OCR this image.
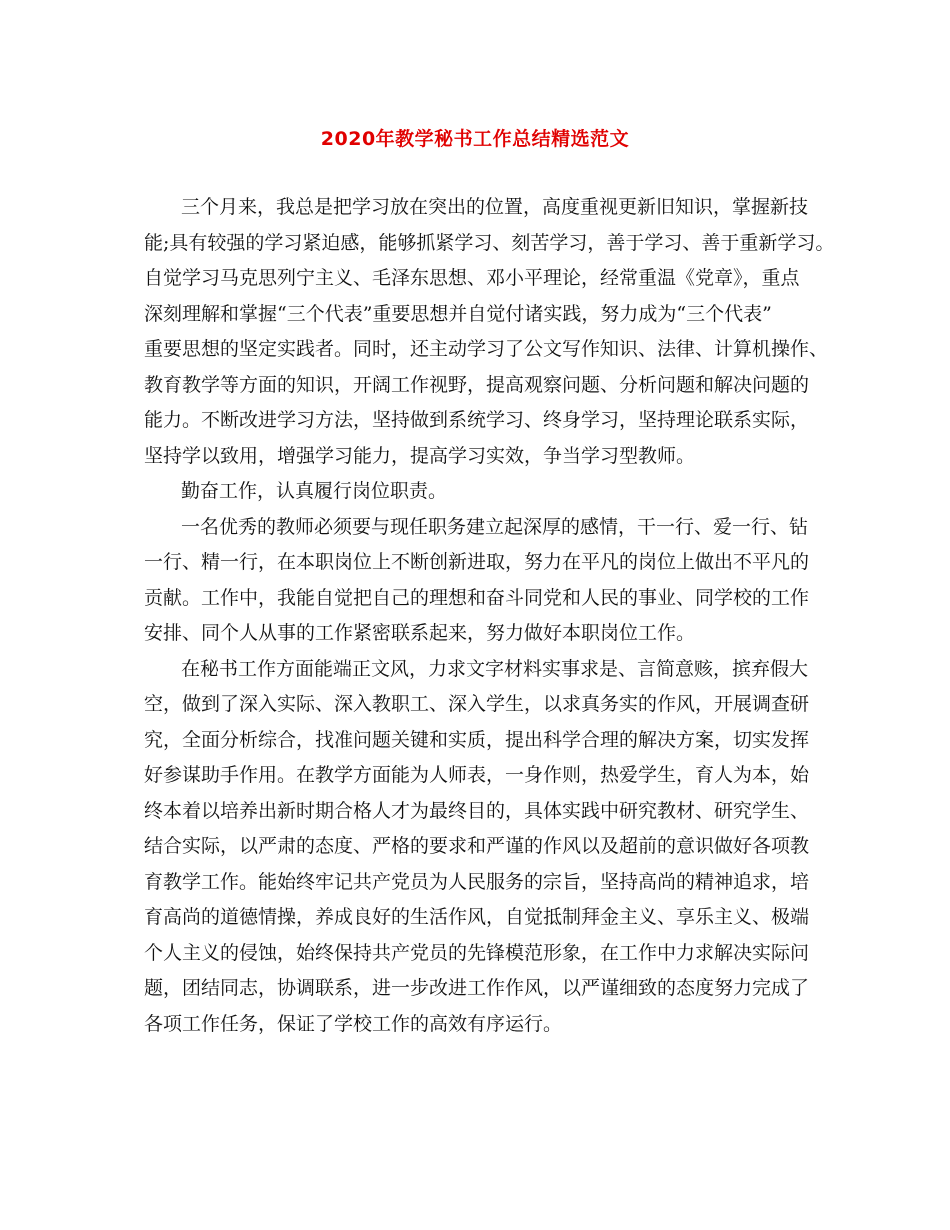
2020年教学秘书工作总结精选范文
三个月来，我总是把学习放在突出的位置，高度重视更新旧知识，掌握新技
能;具有较强的学习紧迫感，能够抓紧学习、刻苦学习，善于学习、善于重新学习。
自觉学习马克思列宁主义、毛泽东思想、邓小平理论，经常重温《党章》，重点
深刻理解和掌握“三个代表”重要思想并自觉付诸实践，努力成为“三个代表”
重要思想的坚定实践者。同时，还主动学习了公文写作知识、法律、计算机操作、
教育教学等方面的知识，开阔工作视野，提高观察问题、分析问题和解决问题的
能力。不断改进学习方法，坚持做到系统学习、终身学习，坚持理论联系实际，
坚持学以致用，增强学习能力，提高学习实效，争当学习型教师。
勤奋工作，认真履行岗位职责。
一名优秀的教师必须要与现任职务建立起深厚的感情，干一行、爱一行、钻
一行、精一行，在本职岗位上不断创新进取，努力在平凡的岗位上做出不平凡的
贡献。工作中，我能自觉把自己的理想和奋斗同党和人民的事业、同学校的工作
安排、同个人从事的工作紧密联系起来，努力做好本职岗位工作。
在秘书工作方面能端正文风，力求文字材料实事求是、言简意赅，摈弃假大
空，做到了深入实际、深入教职工、深入学生，以求真务实的作风，开展调查研
究，全面分析综合，找准问题关键和实质，提出科学合理的解决方案，切实发挥
好参谋助手作用。在教学方面能为人师表，一身作则，热爱学生，育人为本，始
终本着以培养出新时期合格人才为最终目的，具体实践中研究教材、研究学生、
结合实际，以严肃的态度、严格的要求和严谨的作风以及超前的意识做好各项教
育教学工作。能始终牢记共产党员为人民服务的宗旨，坚持高尚的精神追求，培
育高尚的道德情操，养成良好的生活作风，自觉抵制拜金主义、享乐主义、极端
个人主义的侵蚀，始终保持共产党员的先锋模范形象，在工作中力求解决实际问
题，团结同志，协调联系，进一步改进工作作风，以严谨细致的态度努力完成了
各项工作任务，保证了学校工作的高效有序运行。
